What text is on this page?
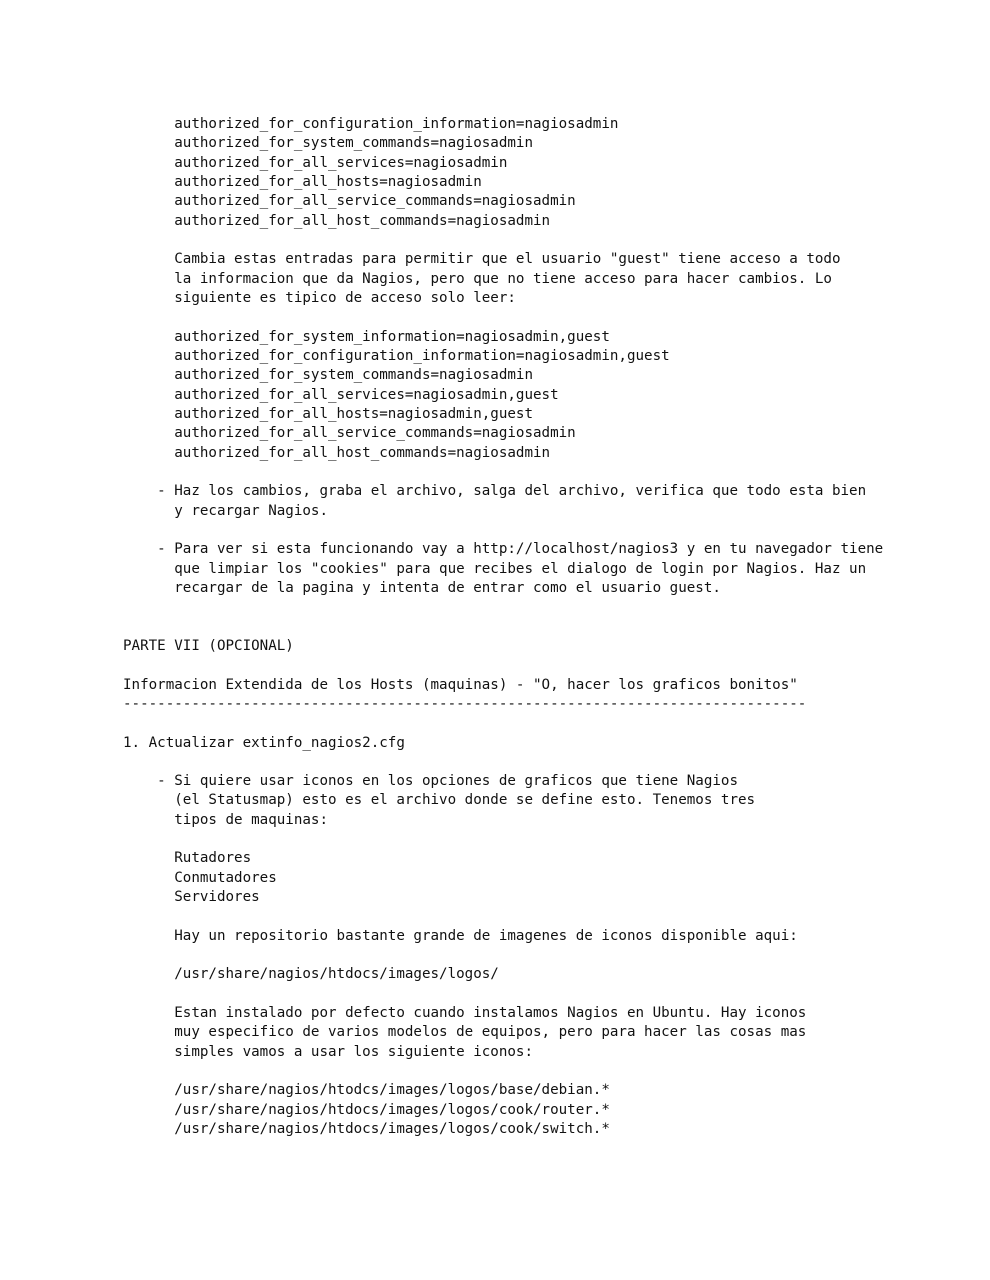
authorized_for_configuration_information=nagiosadmin
authorized_for_system_commands=nagiosadmin
authorized_for_all_services=nagiosadmin
authorized_for_all_hosts=nagiosadmin
authorized_for_all_service_commands=nagiosadmin
authorized_for_all_host_commands=nagiosadmin
Cambia estas entradas para permitir que el usuario "guest" tiene acceso a todo
la informacion que da Nagios, pero que no tiene acceso para hacer cambios. Lo
siguiente es tipico de acceso solo leer:
authorized_for_system_information=nagiosadmin,guest
authorized_for_configuration_information=nagiosadmin,guest
authorized_for_system_commands=nagiosadmin
authorized_for_all_services=nagiosadmin,guest
authorized_for_all_hosts=nagiosadmin,guest
authorized_for_all_service_commands=nagiosadmin
authorized_for_all_host_commands=nagiosadmin
- Haz los cambios, graba el archivo, salga del archivo, verifica que todo esta bien
y recargar Nagios.
- Para ver si esta funcionando vay a http://localhost/nagios3 y en tu navegador tiene
que limpiar los "cookies" para que recibes el dialogo de login por Nagios. Haz un
recargar de la pagina y intenta de entrar como el usuario guest.
PARTE VII (OPCIONAL)
Informacion Extendida de los Hosts (maquinas) - "O, hacer los graficos bonitos"
--------------------------------------------------------------------------------
1. Actualizar extinfo_nagios2.cfg
- Si quiere usar iconos en los opciones de graficos que tiene Nagios
(el Statusmap) esto es el archivo donde se define esto. Tenemos tres
tipos de maquinas:
Rutadores
Conmutadores
Servidores
Hay un repositorio bastante grande de imagenes de iconos disponible aqui:
/usr/share/nagios/htdocs/images/logos/
Estan instalado por defecto cuando instalamos Nagios en Ubuntu. Hay iconos
muy especifico de varios modelos de equipos, pero para hacer las cosas mas
simples vamos a usar los siguiente iconos:
/usr/share/nagios/htodcs/images/logos/base/debian.*
/usr/share/nagios/htdocs/images/logos/cook/router.*
/usr/share/nagios/htdocs/images/logos/cook/switch.*
